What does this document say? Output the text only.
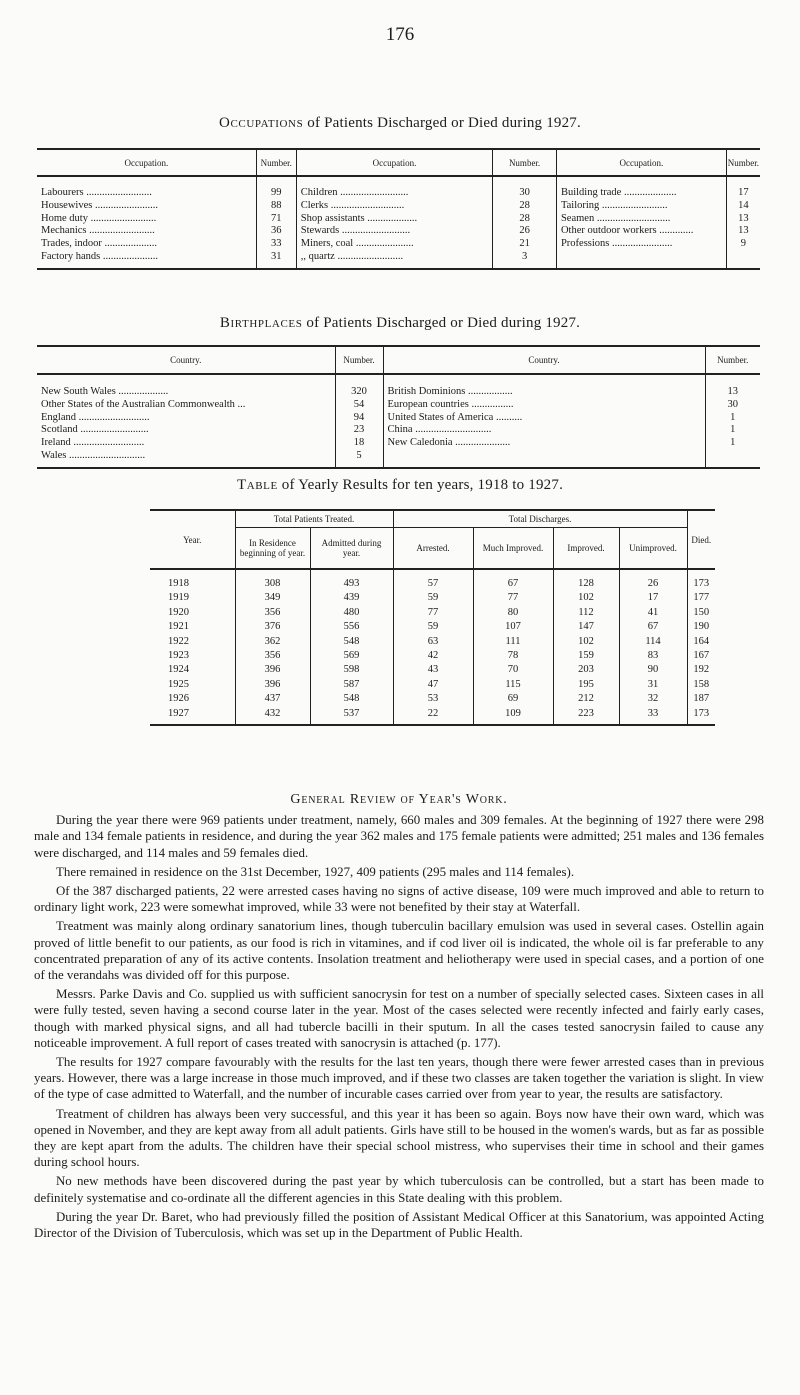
176
Occupations of Patients Discharged or Died during 1927.
Occupation.	Number.	Occupation.	Number.	Occupation.	Number.
Labourers .........................	99	Children ..........................	30	Building trade ....................	17
Housewives ........................	88	Clerks ............................	28	Tailoring .........................	14
Home duty .........................	71	Shop assistants ...................	28	Seamen ............................	13
Mechanics .........................	36	Stewards ..........................	26	Other outdoor workers .............	13
Trades, indoor ....................	33	Miners, coal ......................	21	Professions .......................	9
Factory hands .....................	31	,, quartz .........................	3		
Birthplaces of Patients Discharged or Died during 1927.
Country.	Number.	Country.	Number.
New South Wales ...................	320	British Dominions .................	13
Other States of the Australian Commonwealth ...	54	European countries ................	30
England ...........................	94	United States of America ..........	1
Scotland ..........................	23	China .............................	1
Ireland ...........................	18	New Caledonia .....................	1
Wales .............................	5		
Table of Yearly Results for ten years, 1918 to 1927.
Year.	Total Patients Treated.		Total Discharges.				Died.
	In Residence beginning of year.	Admitted during year.	Arrested.	Much Improved.	Improved.	Unimproved.	
1918	308	493	57	67	128	26	173
1919	349	439	59	77	102	17	177
1920	356	480	77	80	112	41	150
1921	376	556	59	107	147	67	190
1922	362	548	63	111	102	114	164
1923	356	569	42	78	159	83	167
1924	396	598	43	70	203	90	192
1925	396	587	47	115	195	31	158
1926	437	548	53	69	212	32	187
1927	432	537	22	109	223	33	173
General Review of Year's Work.

During the year there were 969 patients under treatment, namely, 660 males and 309 females. At the beginning of 1927 there were 298 male and 134 female patients in residence, and during the year 362 males and 175 female patients were admitted; 251 males and 136 females were discharged, and 114 males and 59 females died.

There remained in residence on the 31st December, 1927, 409 patients (295 males and 114 females).

Of the 387 discharged patients, 22 were arrested cases having no signs of active disease, 109 were much improved and able to return to ordinary light work, 223 were somewhat improved, while 33 were not benefited by their stay at Waterfall.

Treatment was mainly along ordinary sanatorium lines, though tuberculin bacillary emulsion was used in several cases. Ostellin again proved of little benefit to our patients, as our food is rich in vitamines, and if cod liver oil is indicated, the whole oil is far preferable to any concentrated preparation of any of its active contents. Insolation treatment and heliotherapy were used in special cases, and a portion of one of the verandahs was divided off for this purpose.

Messrs. Parke Davis and Co. supplied us with sufficient sanocrysin for test on a number of specially selected cases. Sixteen cases in all were fully tested, seven having a second course later in the year. Most of the cases selected were recently infected and fairly early cases, though with marked physical signs, and all had tubercle bacilli in their sputum. In all the cases tested sanocrysin failed to cause any noticeable improvement. A full report of cases treated with sanocrysin is attached (p. 177).

The results for 1927 compare favourably with the results for the last ten years, though there were fewer arrested cases than in previous years. However, there was a large increase in those much improved, and if these two classes are taken together the variation is slight. In view of the type of case admitted to Waterfall, and the number of incurable cases carried over from year to year, the results are satisfactory.

Treatment of children has always been very successful, and this year it has been so again. Boys now have their own ward, which was opened in November, and they are kept away from all adult patients. Girls have still to be housed in the women's wards, but as far as possible they are kept apart from the adults. The children have their special school mistress, who supervises their time in school and their games during school hours.

No new methods have been discovered during the past year by which tuberculosis can be controlled, but a start has been made to definitely systematise and co-ordinate all the different agencies in this State dealing with this problem.

During the year Dr. Baret, who had previously filled the position of Assistant Medical Officer at this Sanatorium, was appointed Acting Director of the Division of Tuberculosis, which was set up in the Department of Public Health.
